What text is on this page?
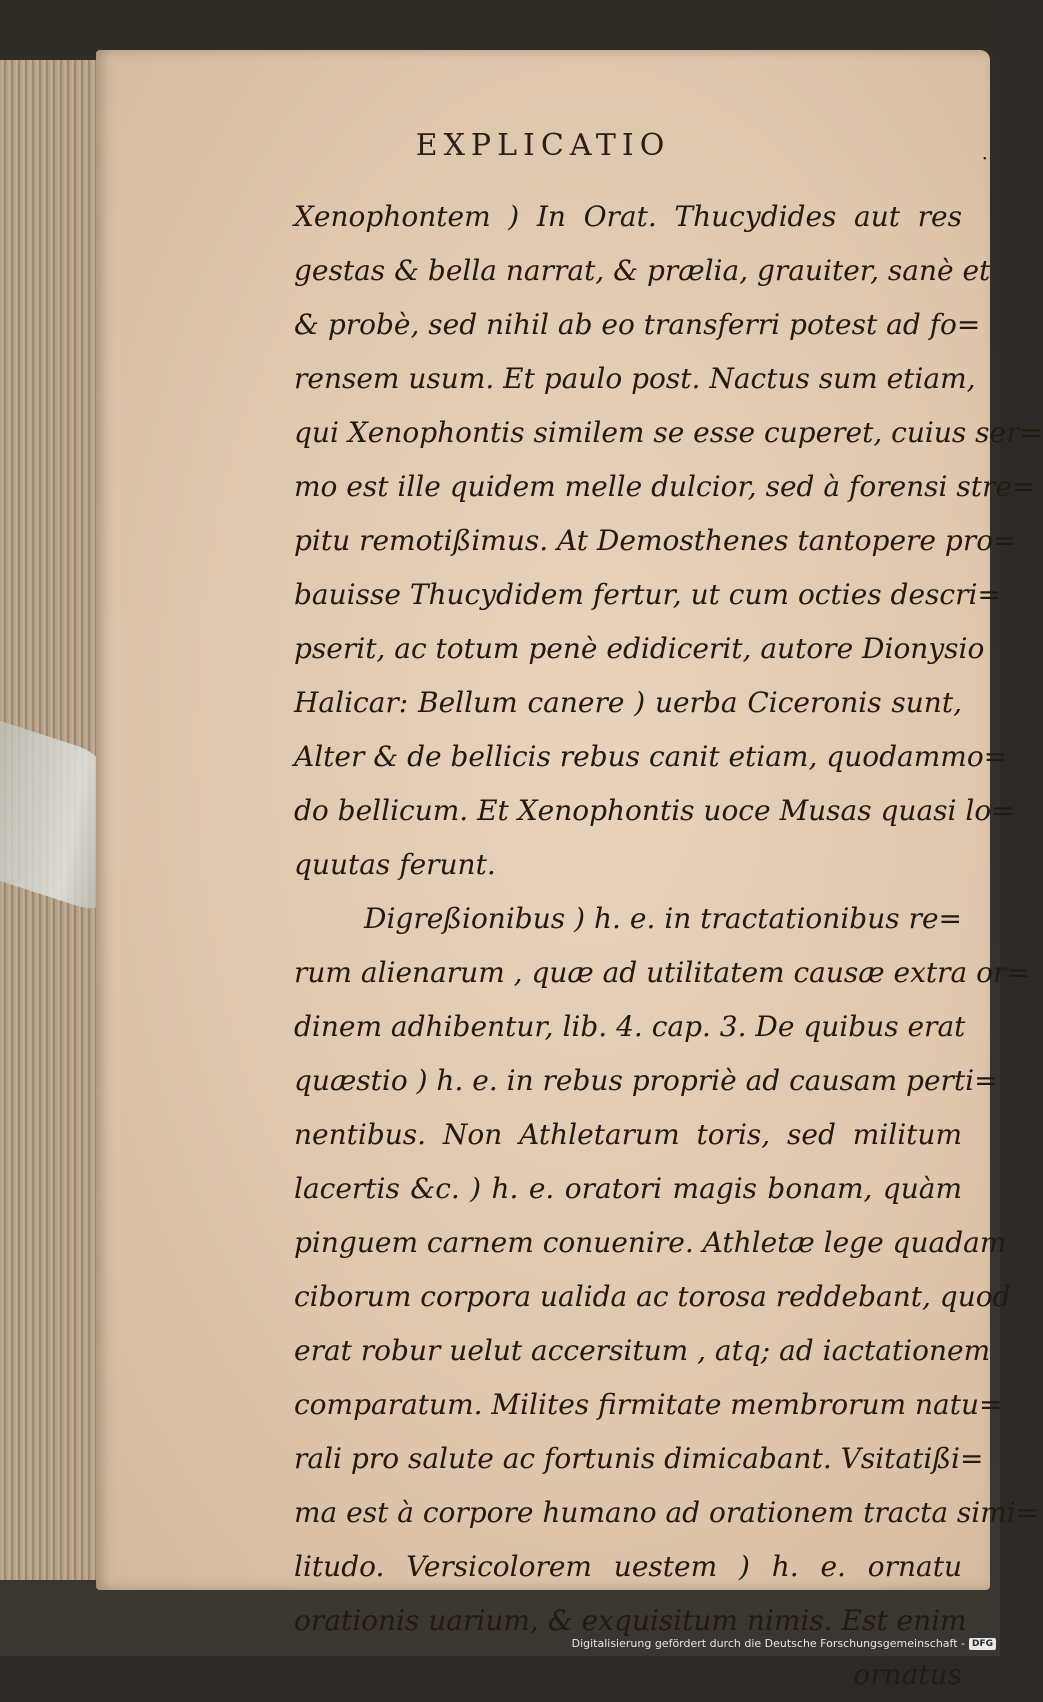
EXPLICATIO	·
Xenophontem ) In Orat. Thucydides aut res
gestas & bella narrat, & prælia, grauiter, sanè et
& probè, sed nihil ab eo transferri potest ad fo=
rensem usum. Et paulo post. Nactus sum etiam,
qui Xenophontis similem se esse cuperet, cuius ser=
mo est ille quidem melle dulcior, sed à forensi stre=
pitu remotißimus. At Demosthenes tantopere pro=
bauisse Thucydidem fertur, ut cum octies descri=
pserit, ac totum penè edidicerit, autore Dionysio
Halicar: Bellum canere ) uerba Ciceronis sunt,
Alter & de bellicis rebus canit etiam, quodammo=
do bellicum. Et Xenophontis uoce Musas quasi lo=
quutas ferunt.
Digreßionibus ) h. e. in tractationibus re=
rum alienarum , quæ ad utilitatem causæ extra or=
dinem adhibentur, lib. 4. cap. 3. De quibus erat
quæstio ) h. e. in rebus propriè ad causam perti=
nentibus. Non Athletarum toris, sed militum
lacertis &c. ) h. e. oratori magis bonam, quàm
pinguem carnem conuenire. Athletæ lege quadam
ciborum corpora ualida ac torosa reddebant, quod
erat robur uelut accersitum , atq; ad iactationem
comparatum. Milites firmitate membrorum natu=
rali pro salute ac fortunis dimicabant. Vsitatißi=
ma est à corpore humano ad orationem tracta simi=
litudo. Versicolorem uestem ) h. e. ornatu
orationis uarium, & exquisitum nimis. Est enim
ornatus
Digitalisierung gefördert durch die Deutsche Forschungsgemeinschaft - DFG
